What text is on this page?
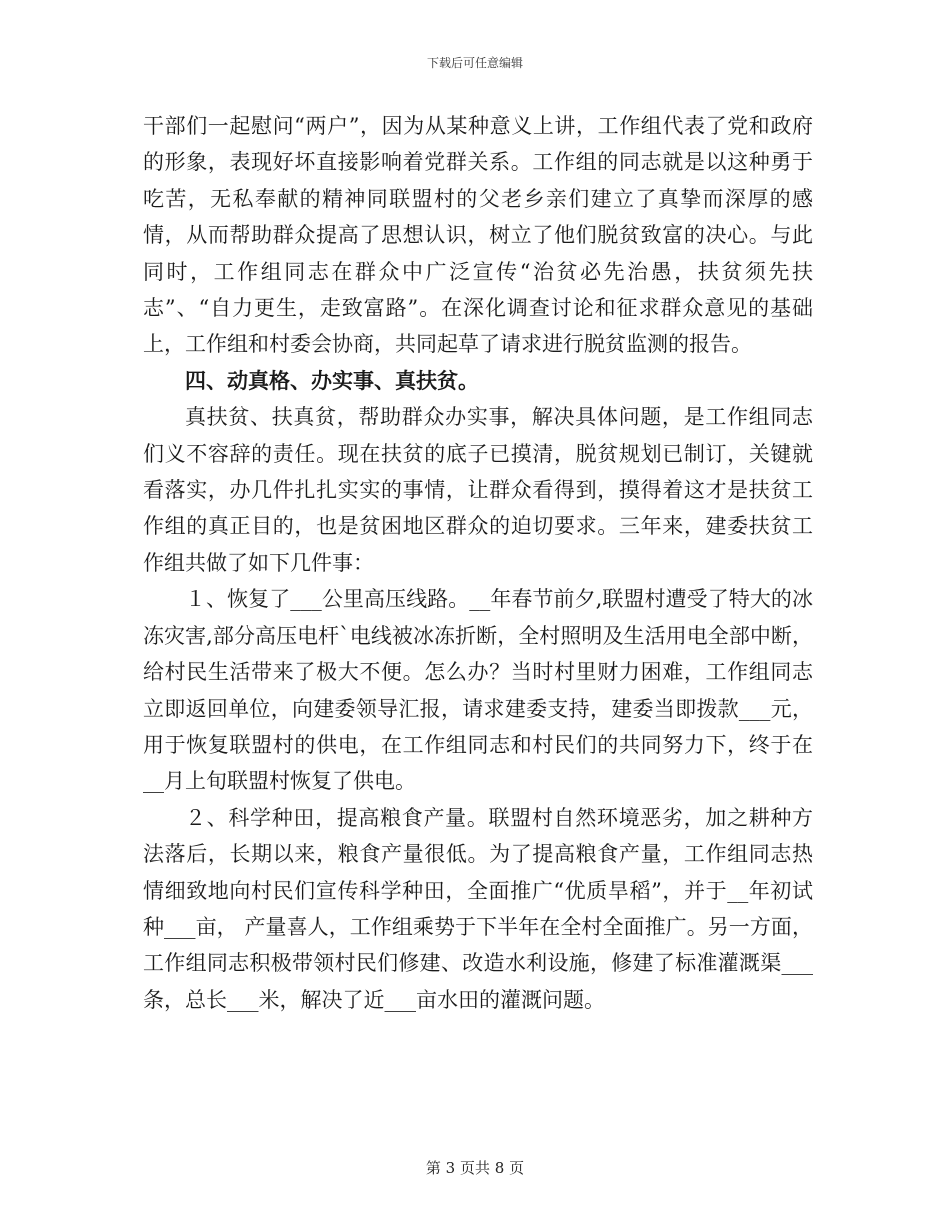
下载后可任意编辑

干部们一起慰问“两户”，因为从某种意义上讲，工作组代表了党和政府的形象，表现好坏直接影响着党群关系。工作组的同志就是以这种勇于吃苦，无私奉献的精神同联盟村的父老乡亲们建立了真挚而深厚的感情，从而帮助群众提高了思想认识，树立了他们脱贫致富的决心。与此同时，工作组同志在群众中广泛宣传“治贫必先治愚，扶贫须先扶志”、“自力更生，走致富路”。在深化调查讨论和征求群众意见的基础上，工作组和村委会协商，共同起草了请求进行脱贫监测的报告。

四、动真格、办实事、真扶贫。

真扶贫、扶真贫，帮助群众办实事，解决具体问题，是工作组同志们义不容辞的责任。现在扶贫的底子已摸清，脱贫规划已制订，关键就看落实，办几件扎扎实实的事情，让群众看得到，摸得着这才是扶贫工作组的真正目的，也是贫困地区群众的迫切要求。三年来，建委扶贫工作组共做了如下几件事：

１、恢复了___公里高压线路。__年春节前夕,联盟村遭受了特大的冰冻灾害,部分高压电杆`电线被冰冻折断，全村照明及生活用电全部中断，给村民生活带来了极大不便。怎么办？当时村里财力困难，工作组同志立即返回单位，向建委领导汇报，请求建委支持，建委当即拨款___元，用于恢复联盟村的供电，在工作组同志和村民们的共同努力下，终于在__月上旬联盟村恢复了供电。

２、科学种田，提高粮食产量。联盟村自然环境恶劣，加之耕种方法落后，长期以来，粮食产量很低。为了提高粮食产量，工作组同志热情细致地向村民们宣传科学种田，全面推广“优质旱稻”，并于__年初试种___亩， 产量喜人，工作组乘势于下半年在全村全面推广。另一方面，工作组同志积极带领村民们修建、改造水利设施，修建了标准灌溉渠___条，总长___米，解决了近___亩水田的灌溉问题。

第 3 页共 8 页
